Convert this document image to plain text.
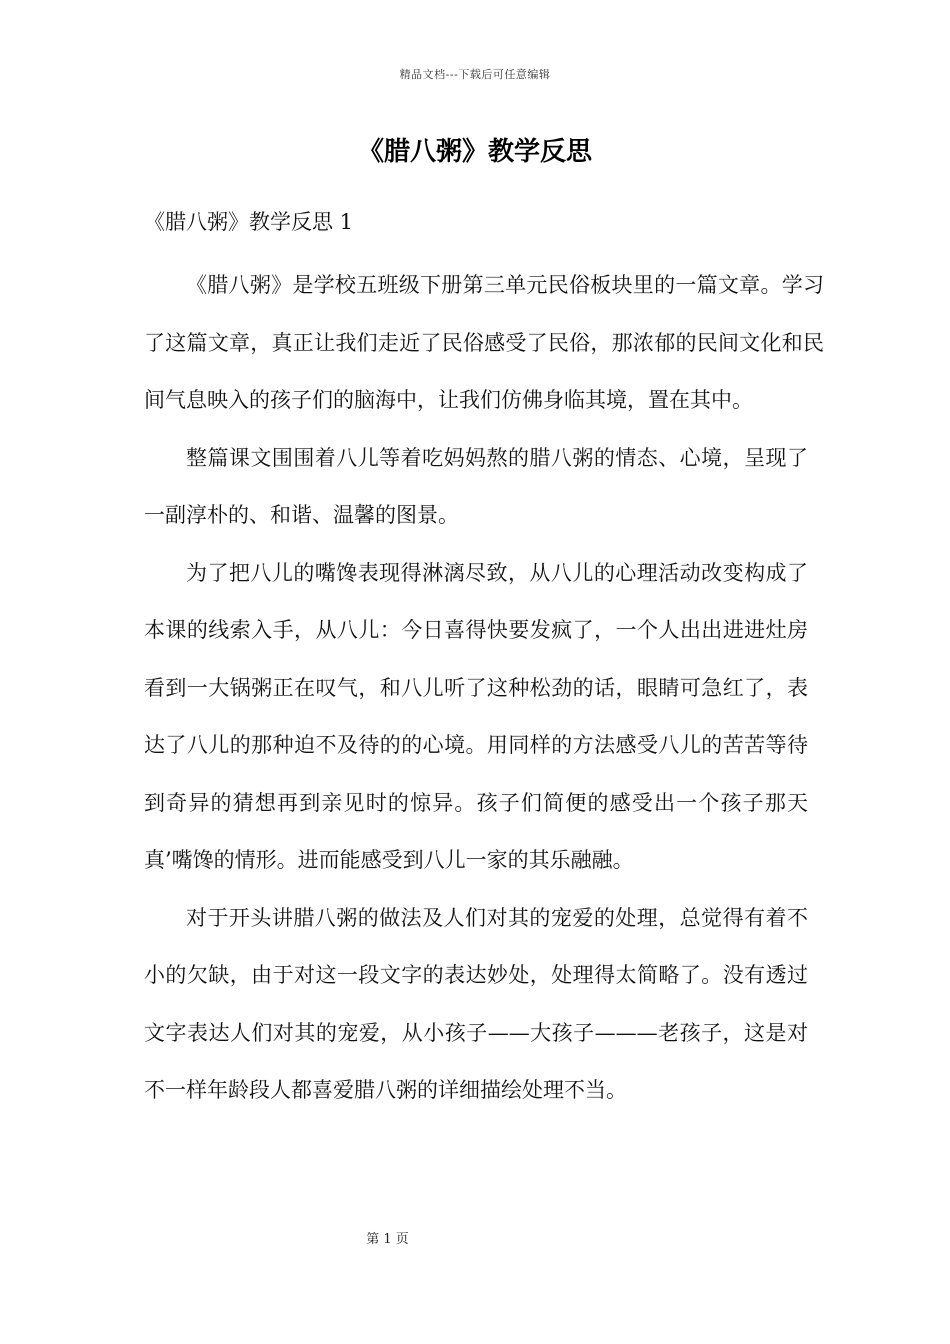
精品文档---下载后可任意编辑
《腊八粥》教学反思
《腊八粥》教学反思 1

《腊八粥》是学校五班级下册第三单元民俗板块里的一篇文章。学习了这篇文章，真正让我们走近了民俗感受了民俗，那浓郁的民间文化和民间气息映入的孩子们的脑海中，让我们仿佛身临其境，置在其中。

整篇课文围围着八儿等着吃妈妈熬的腊八粥的情态、心境，呈现了一副淳朴的、和谐、温馨的图景。

为了把八儿的嘴馋表现得淋漓尽致，从八儿的心理活动改变构成了本课的线索入手，从八儿：今日喜得快要发疯了，一个人出出进进灶房看到一大锅粥正在叹气，和八儿听了这种松劲的话，眼睛可急红了，表达了八儿的那种迫不及待的的心境。用同样的方法感受八儿的苦苦等待到奇异的猜想再到亲见时的惊异。孩子们简便的感受出一个孩子那天真’嘴馋的情形。进而能感受到八儿一家的其乐融融。

对于开头讲腊八粥的做法及人们对其的宠爱的处理，总觉得有着不小的欠缺，由于对这一段文字的表达妙处，处理得太简略了。没有透过文字表达人们对其的宠爱，从小孩子——大孩子———老孩子，这是对不一样年龄段人都喜爱腊八粥的详细描绘处理不当。

第 1 页
